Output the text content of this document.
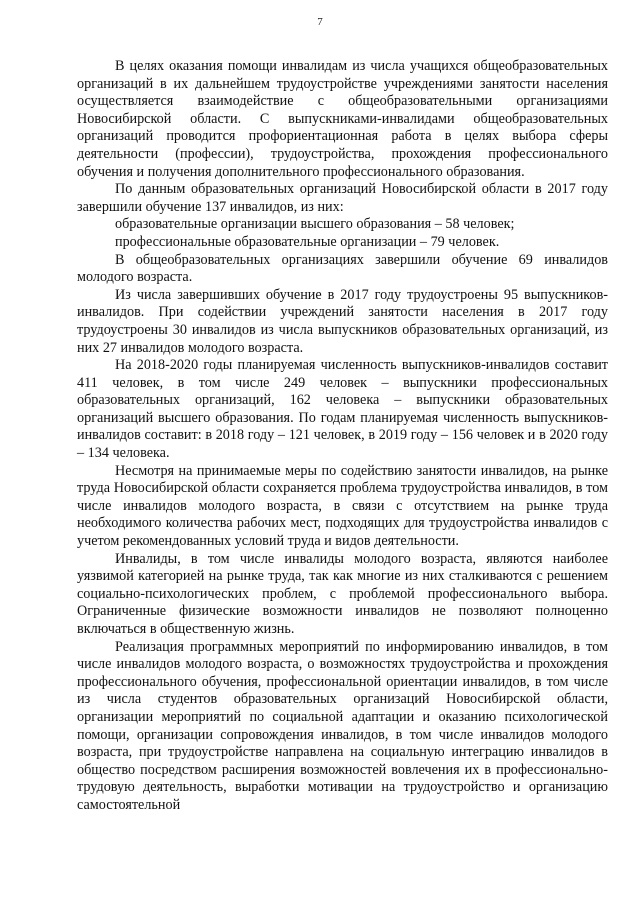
7

В целях оказания помощи инвалидам из числа учащихся общеобразовательных организаций в их дальнейшем трудоустройстве учреждениями занятости населения осуществляется взаимодействие с общеобразовательными организациями Новосибирской области. С выпускниками-инвалидами общеобразовательных организаций проводится профориентационная работа в целях выбора сферы деятельности (профессии), трудоустройства, прохождения профессионального обучения и получения дополнительного профессионального образования.

По данным образовательных организаций Новосибирской области в 2017 году завершили обучение 137 инвалидов, из них:

образовательные организации высшего образования – 58 человек;

профессиональные образовательные организации – 79 человек.

В общеобразовательных организациях завершили обучение 69 инвалидов молодого возраста.

Из числа завершивших обучение в 2017 году трудоустроены 95 выпускников-инвалидов. При содействии учреждений занятости населения в 2017 году трудоустроены 30 инвалидов из числа выпускников образовательных организаций, из них 27 инвалидов молодого возраста.

На 2018-2020 годы планируемая численность выпускников-инвалидов составит 411 человек, в том числе 249 человек – выпускники профессиональных образовательных организаций, 162 человека – выпускники образовательных организаций высшего образования. По годам планируемая численность выпускников-инвалидов составит: в 2018 году – 121 человек, в 2019 году – 156 человек и в 2020 году – 134 человека.

Несмотря на принимаемые меры по содействию занятости инвалидов, на рынке труда Новосибирской области сохраняется проблема трудоустройства инвалидов, в том числе инвалидов молодого возраста, в связи с отсутствием на рынке труда необходимого количества рабочих мест, подходящих для трудоустройства инвалидов с учетом рекомендованных условий труда и видов деятельности.

Инвалиды, в том числе инвалиды молодого возраста, являются наиболее уязвимой категорией на рынке труда, так как многие из них сталкиваются с решением социально-психологических проблем, с проблемой профессионального выбора. Ограниченные физические возможности инвалидов не позволяют полноценно включаться в общественную жизнь.

Реализация программных мероприятий по информированию инвалидов, в том числе инвалидов молодого возраста, о возможностях трудоустройства и прохождения профессионального обучения, профессиональной ориентации инвалидов, в том числе из числа студентов образовательных организаций Новосибирской области, организации мероприятий по социальной адаптации и оказанию психологической помощи, организации сопровождения инвалидов, в том числе инвалидов молодого возраста, при трудоустройстве направлена на социальную интеграцию инвалидов в общество посредством расширения возможностей вовлечения их в профессионально-трудовую деятельность, выработки мотивации на трудоустройство и организацию самостоятельной
